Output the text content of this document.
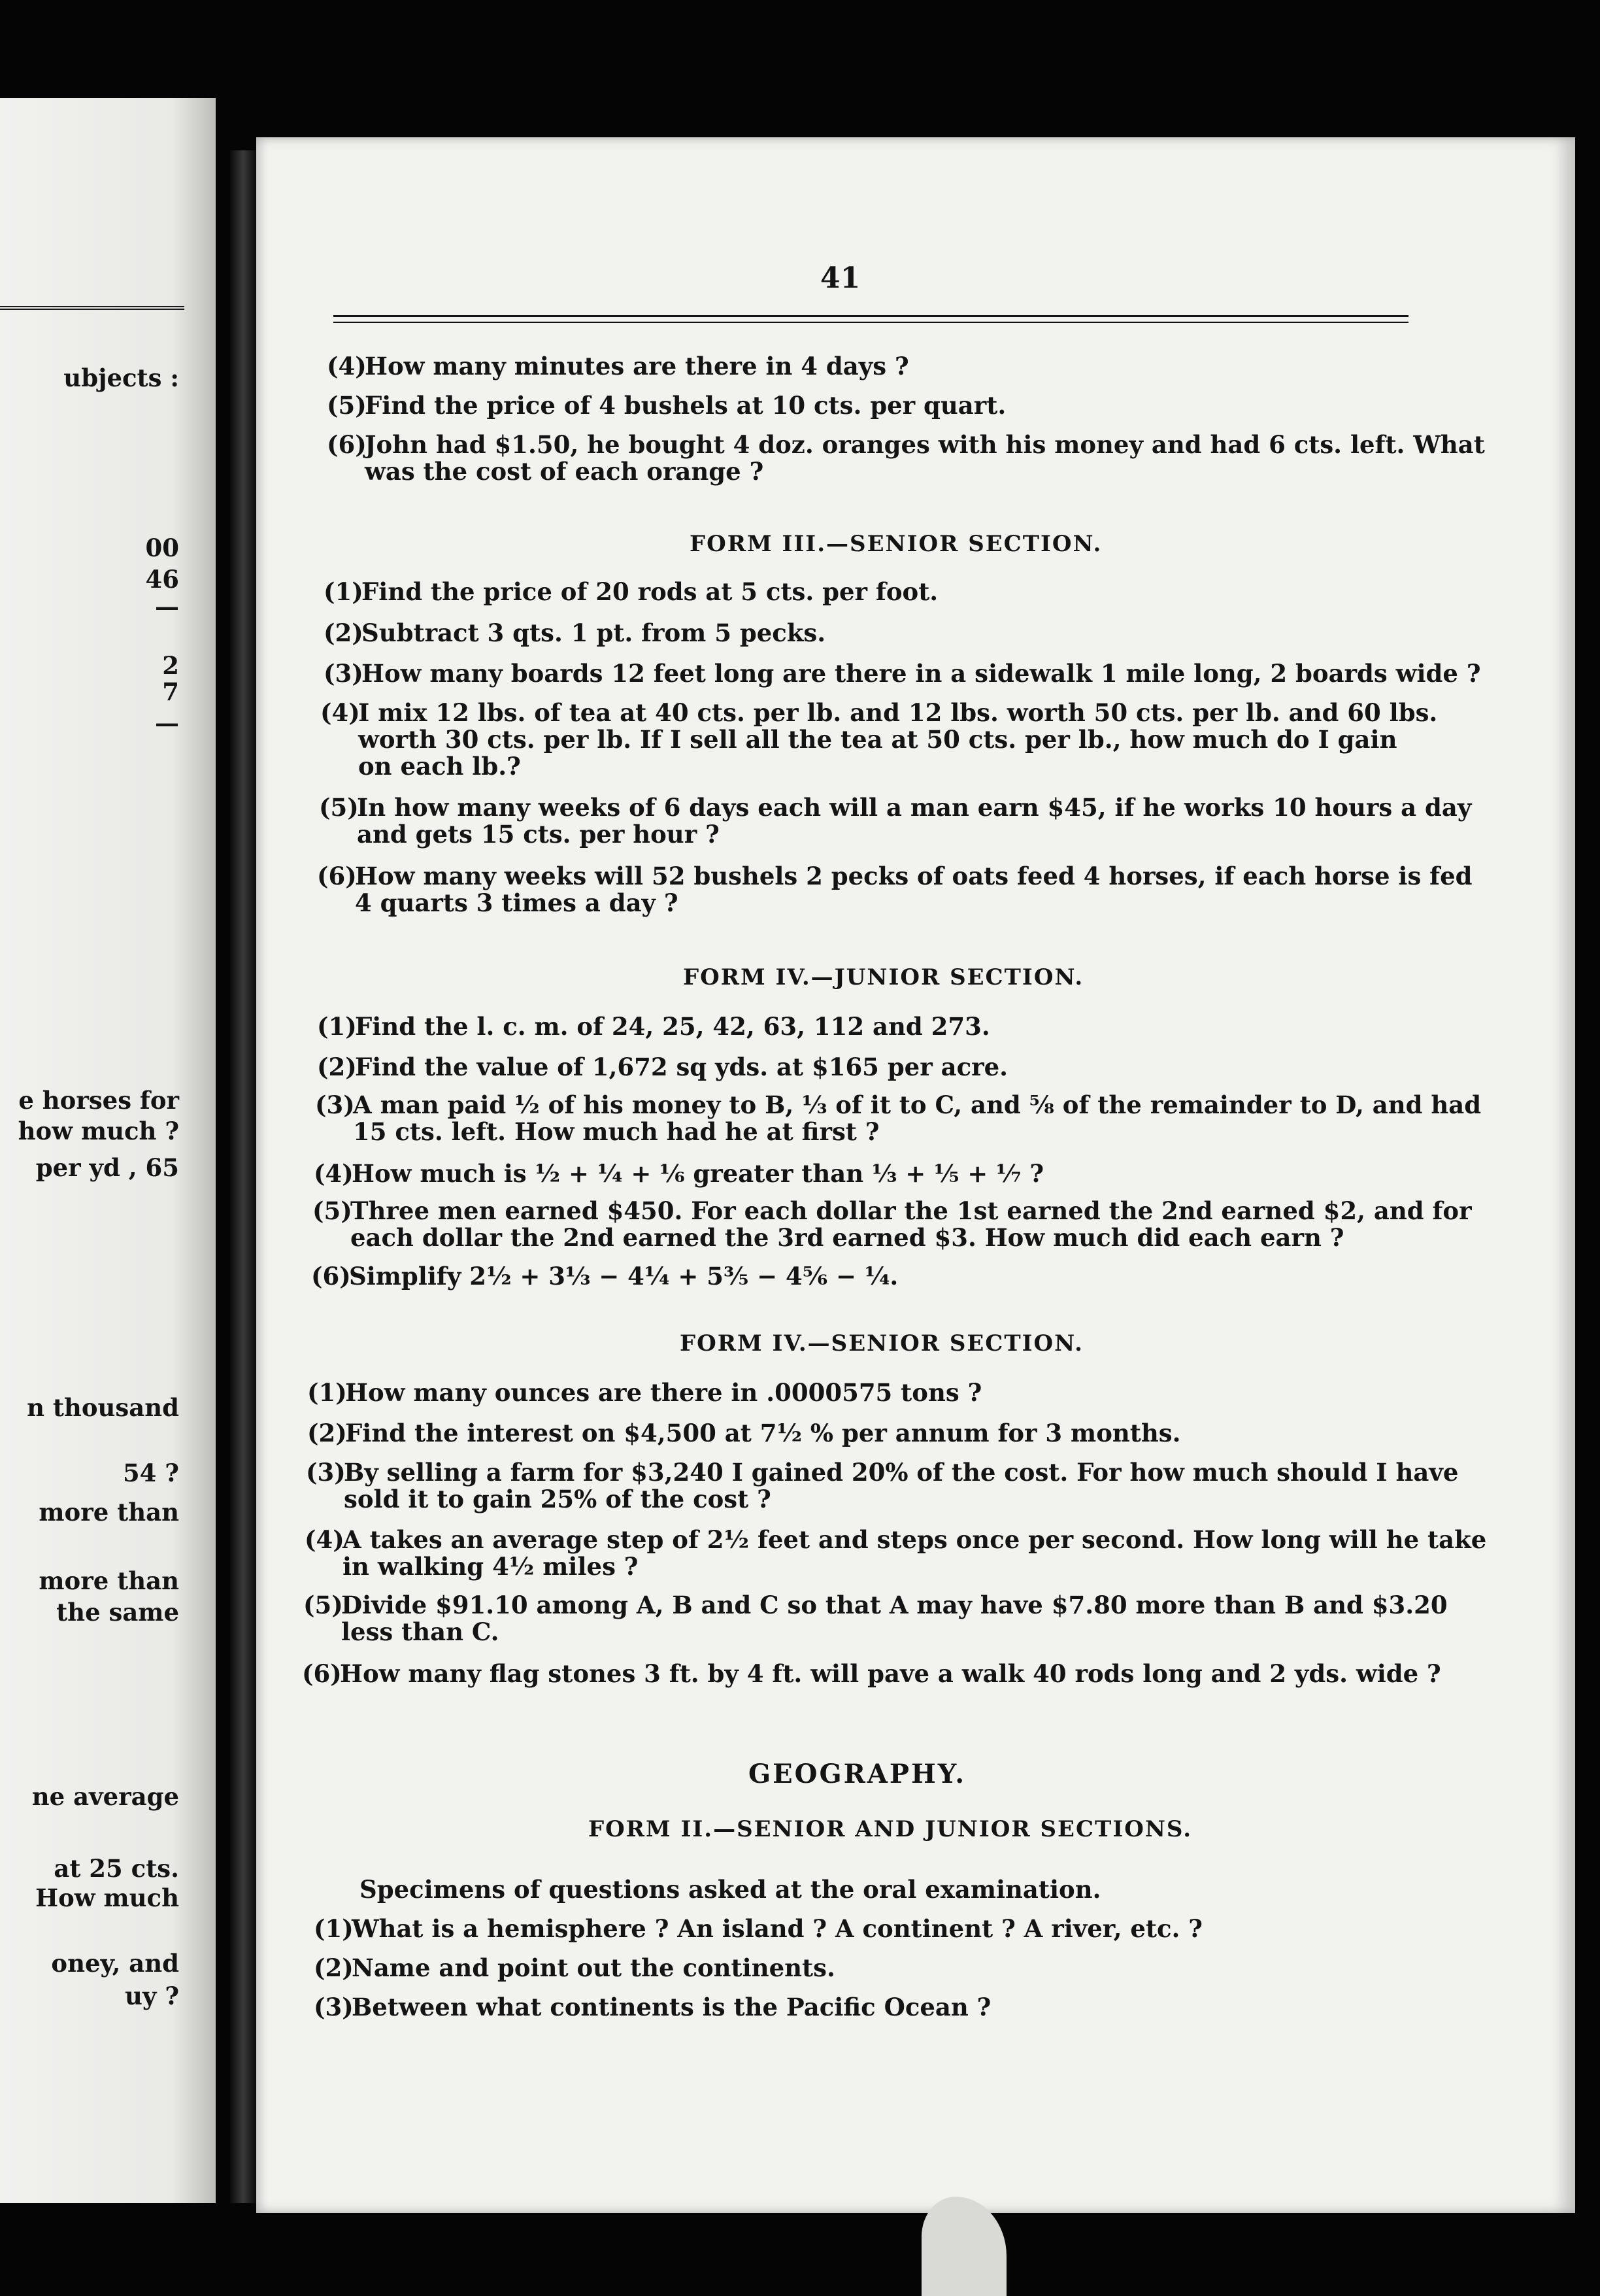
ubjects :
00
46
—
2
7
—
e horses for
how much ?
per yd , 65
n thousand
54 ?
more than
more than
the same
ne average
at 25 cts.
How much
oney, and
uy ?
41
(4)How many minutes are there in 4 days ?
(5)Find the price of 4 bushels at 10 cts. per quart.
(6)John had $1.50, he bought 4 doz. oranges with his money and had 6 cts. left. What
was the cost of each orange ?
FORM III.—SENIOR SECTION.
(1)Find the price of 20 rods at 5 cts. per foot.
(2)Subtract 3 qts. 1 pt. from 5 pecks.
(3)How many boards 12 feet long are there in a sidewalk 1 mile long, 2 boards wide ?
(4)I mix 12 lbs. of tea at 40 cts. per lb. and 12 lbs. worth 50 cts. per lb. and 60 lbs.
worth 30 cts. per lb. If I sell all the tea at 50 cts. per lb., how much do I gain
on each lb.?
(5)In how many weeks of 6 days each will a man earn $45, if he works 10 hours a day
and gets 15 cts. per hour ?
(6)How many weeks will 52 bushels 2 pecks of oats feed 4 horses, if each horse is fed
4 quarts 3 times a day ?
FORM IV.—JUNIOR SECTION.
(1)Find the l. c. m. of 24, 25, 42, 63, 112 and 273.
(2)Find the value of 1,672 sq yds. at $165 per acre.
(3)A man paid ½ of his money to B, ⅓ of it to C, and ⅝ of the remainder to D, and had
15 cts. left. How much had he at first ?
(4)How much is ½ + ¼ + ⅙ greater than ⅓ + ⅕ + ⅐ ?
(5)Three men earned $450. For each dollar the 1st earned the 2nd earned $2, and for
each dollar the 2nd earned the 3rd earned $3. How much did each earn ?
(6)Simplify 2½ + 3⅓ − 4¼ + 5⅗ − 4⅚ − ¼.
FORM IV.—SENIOR SECTION.
(1)How many ounces are there in .0000575 tons ?
(2)Find the interest on $4,500 at 7½ % per annum for 3 months.
(3)By selling a farm for $3,240 I gained 20% of the cost. For how much should I have
sold it to gain 25% of the cost ?
(4)A takes an average step of 2½ feet and steps once per second. How long will he take
in walking 4½ miles ?
(5)Divide $91.10 among A, B and C so that A may have $7.80 more than B and $3.20
less than C.
(6)How many flag stones 3 ft. by 4 ft. will pave a walk 40 rods long and 2 yds. wide ?
GEOGRAPHY.
FORM II.—SENIOR AND JUNIOR SECTIONS.
Specimens of questions asked at the oral examination.
(1)What is a hemisphere ? An island ? A continent ? A river, etc. ?
(2)Name and point out the continents.
(3)Between what continents is the Pacific Ocean ?
